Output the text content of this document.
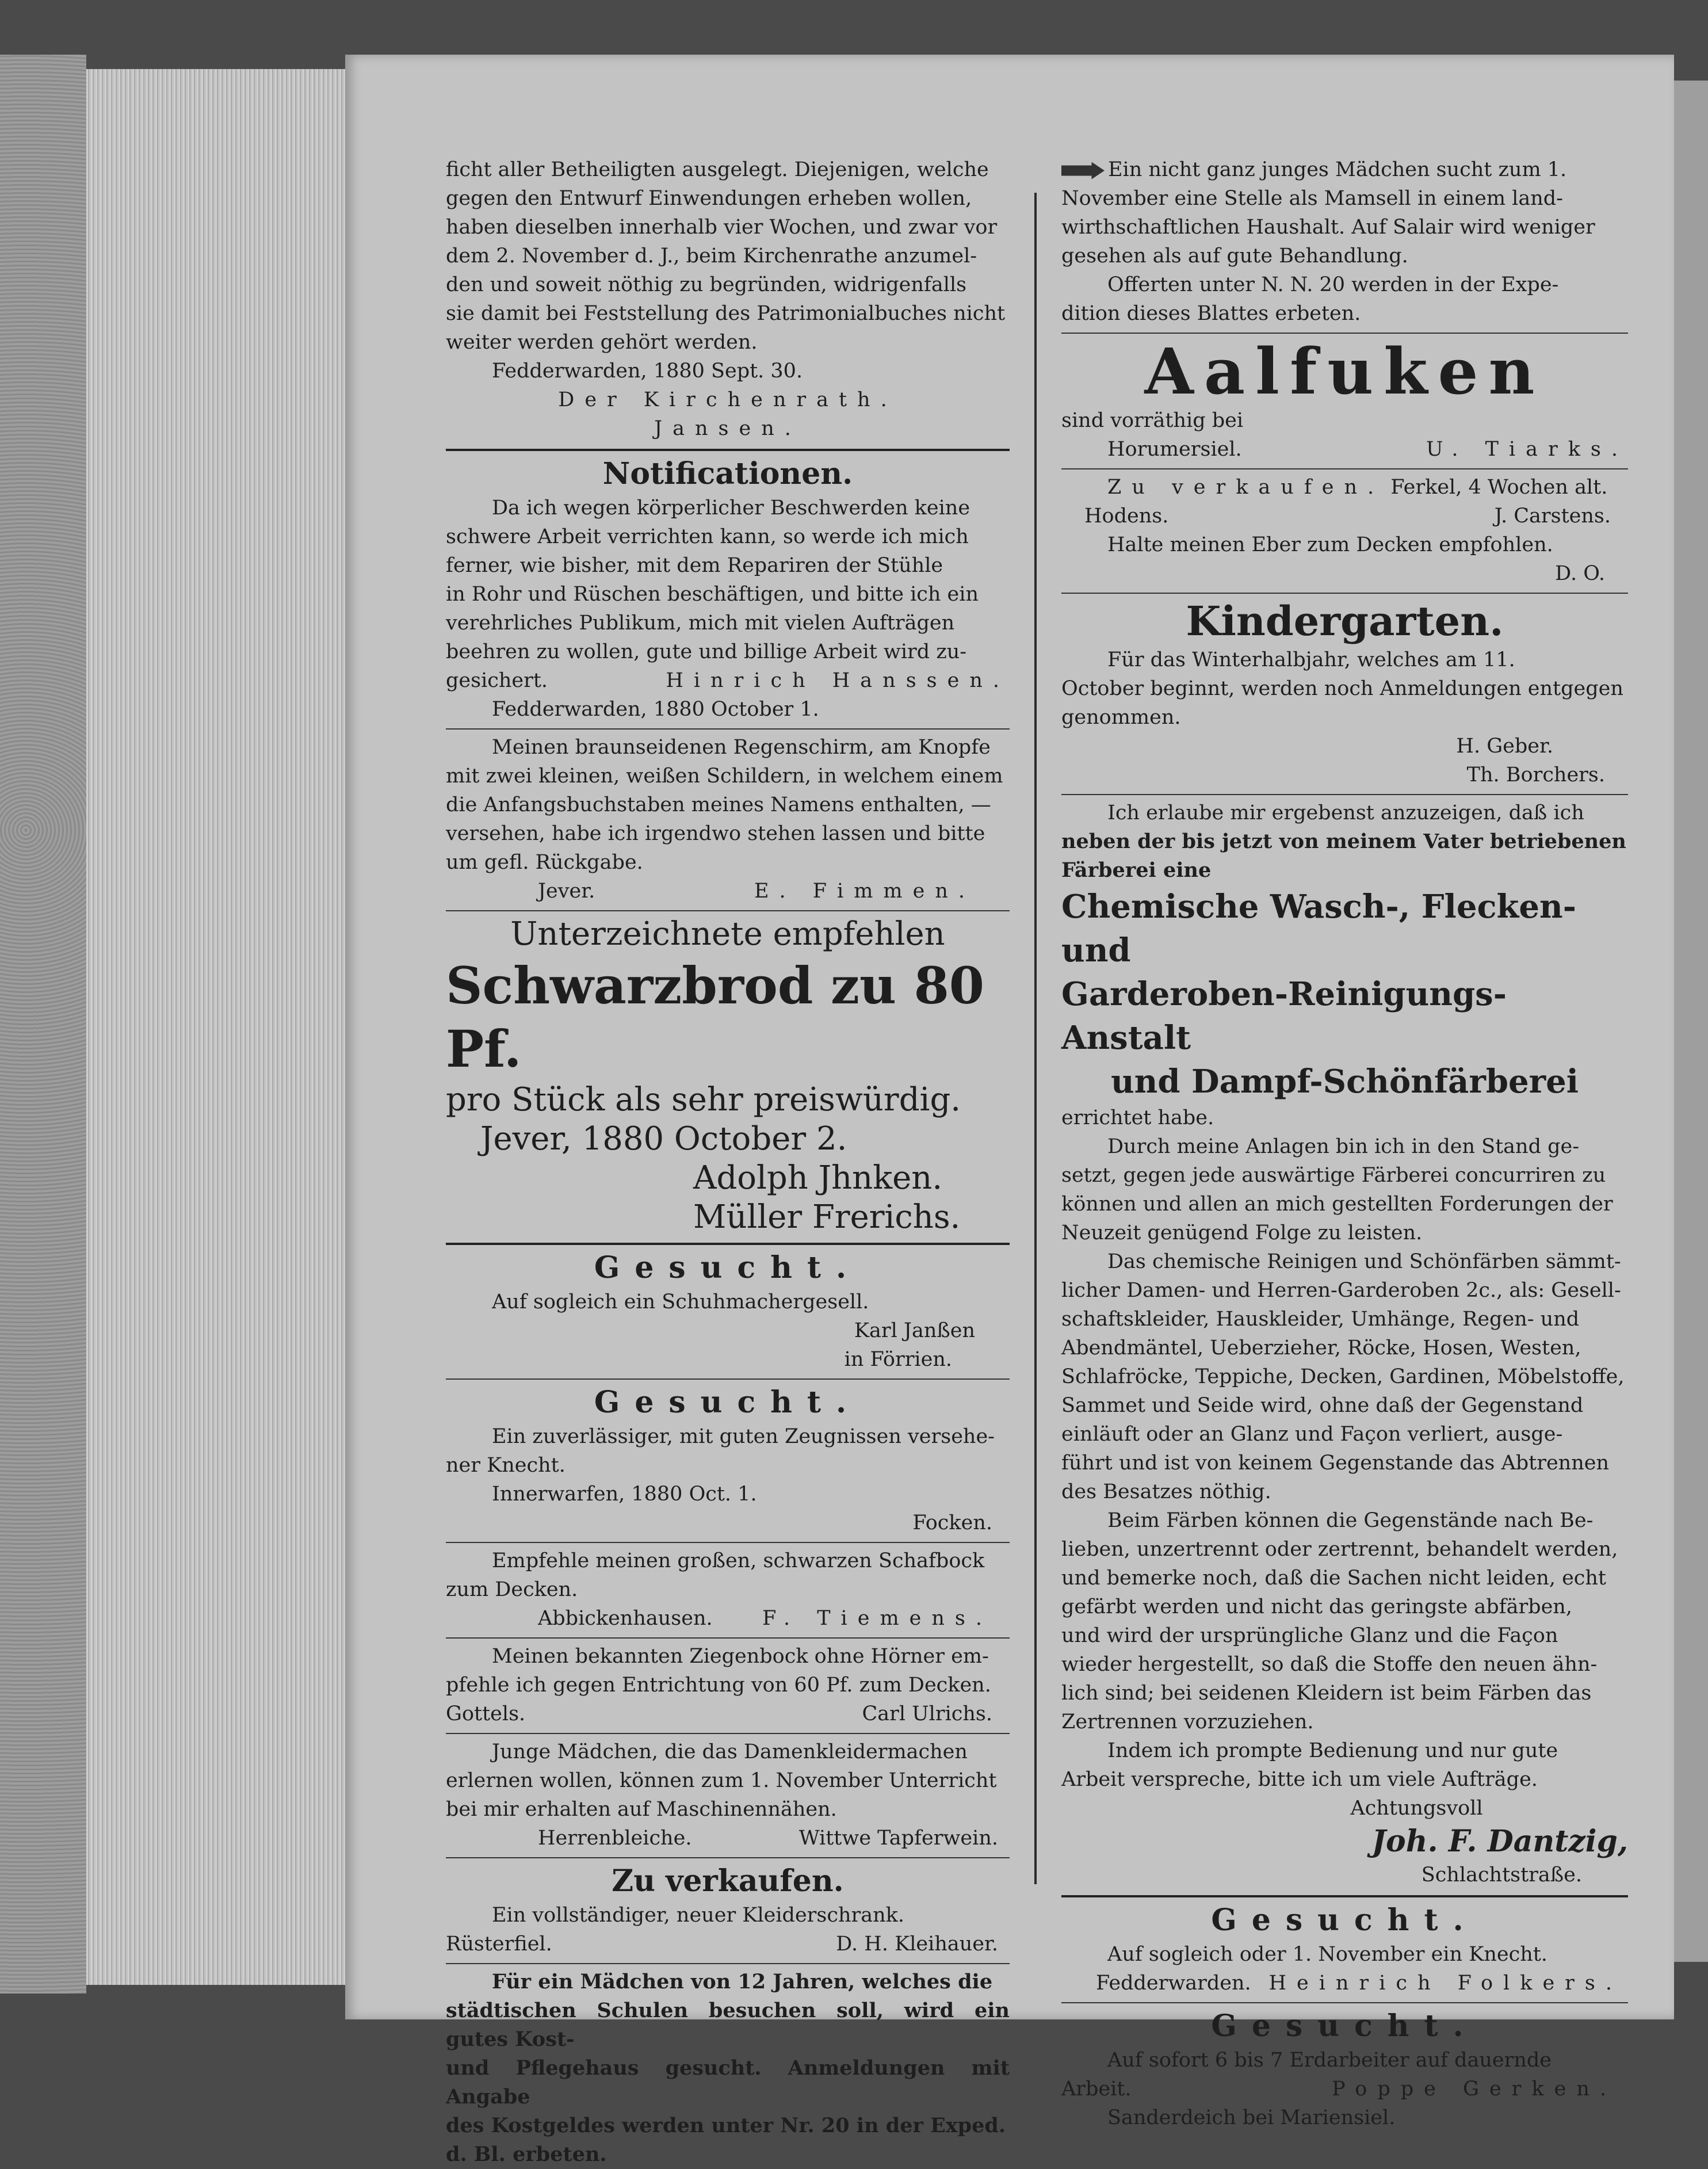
ficht aller Betheiligten ausgelegt. Diejenigen, welche

gegen den Entwurf Einwendungen erheben wollen,

haben dieselben innerhalb vier Wochen, und zwar vor

dem 2. November d. J., beim Kirchenrathe anzumel-

den und soweit nöthig zu begründen, widrigenfalls

sie damit bei Feststellung des Patrimonialbuches nicht

weiter werden gehört werden.

Fedderwarden, 1880 Sept. 30.

Der Kirchenrath.

Jansen.

Notificationen.

Da ich wegen körperlicher Beschwerden keine

schwere Arbeit verrichten kann, so werde ich mich

ferner, wie bisher, mit dem Repariren der Stühle

in Rohr und Rüschen beschäftigen, und bitte ich ein

verehrliches Publikum, mich mit vielen Aufträgen

beehren zu wollen, gute und billige Arbeit wird zu-

gesichert.	Hinrich Hanssen.

Fedderwarden, 1880 October 1.

Meinen braunseidenen Regenschirm, am Knopfe

mit zwei kleinen, weißen Schildern, in welchem einem

die Anfangsbuchstaben meines Namens enthalten, —

versehen, habe ich irgendwo stehen lassen und bitte

um gefl. Rückgabe.

Jever.	E. Fimmen.
Unterzeichnete empfehlen
Schwarzbrod zu 80 Pf.
pro Stück als sehr preiswürdig.
Jever, 1880 October 2.
Adolph Jhnken.
Müller Frerichs.
Gesucht.

Auf sogleich ein Schuhmachergesell.

Karl Janßen

in Förrien.

Gesucht.

Ein zuverlässiger, mit guten Zeugnissen versehe-

ner Knecht.

Innerwarfen, 1880 Oct. 1.

Focken.

Empfehle meinen großen, schwarzen Schafbock

zum Decken.

Abbickenhausen.	F. Tiemens.

Meinen bekannten Ziegenbock ohne Hörner em-

pfehle ich gegen Entrichtung von 60 Pf. zum Decken.

Gottels.	Carl Ulrichs.

Junge Mädchen, die das Damenkleidermachen

erlernen wollen, können zum 1. November Unterricht

bei mir erhalten auf Maschinennähen.

Herrenbleiche.	Wittwe Tapferwein.
Zu verkaufen.

Ein vollständiger, neuer Kleiderschrank.

Rüsterfiel.	D. H. Kleihauer.

Für ein Mädchen von 12 Jahren, welches die

städtischen Schulen besuchen soll, wird ein gutes Kost-

und Pflegehaus gesucht. Anmeldungen mit Angabe

des Kostgeldes werden unter Nr. 20 in der Exped.

d. Bl. erbeten.

Ein nicht ganz junges Mädchen sucht zum 1.

November eine Stelle als Mamsell in einem land-

wirthschaftlichen Haushalt. Auf Salair wird weniger

gesehen als auf gute Behandlung.

Offerten unter N. N. 20 werden in der Expe-

dition dieses Blattes erbeten.

Aalfuken

sind vorräthig bei

Horumersiel.	U. Tiarks.

Zu verkaufen. Ferkel, 4 Wochen alt.

Hodens.	J. Carstens.

Halte meinen Eber zum Decken empfohlen.

D. O.

Kindergarten.

Für das Winterhalbjahr, welches am 11.

October beginnt, werden noch Anmeldungen entgegen

genommen.

H. Geber.

Th. Borchers.

Ich erlaube mir ergebenst anzuzeigen, daß ich

neben der bis jetzt von meinem Vater betriebenen

Färberei eine

Chemische Wasch-, Flecken- und
Garderoben-Reinigungs-Anstalt
und Dampf-Schönfärberei

errichtet habe.

Durch meine Anlagen bin ich in den Stand ge-

setzt, gegen jede auswärtige Färberei concurriren zu

können und allen an mich gestellten Forderungen der

Neuzeit genügend Folge zu leisten.

Das chemische Reinigen und Schönfärben sämmt-

licher Damen- und Herren-Garderoben 2c., als: Gesell-

schaftskleider, Hauskleider, Umhänge, Regen- und

Abendmäntel, Ueberzieher, Röcke, Hosen, Westen,

Schlafröcke, Teppiche, Decken, Gardinen, Möbelstoffe,

Sammet und Seide wird, ohne daß der Gegenstand

einläuft oder an Glanz und Façon verliert, ausge-

führt und ist von keinem Gegenstande das Abtrennen

des Besatzes nöthig.

Beim Färben können die Gegenstände nach Be-

lieben, unzertrennt oder zertrennt, behandelt werden,

und bemerke noch, daß die Sachen nicht leiden, echt

gefärbt werden und nicht das geringste abfärben,

und wird der ursprüngliche Glanz und die Façon

wieder hergestellt, so daß die Stoffe den neuen ähn-

lich sind; bei seidenen Kleidern ist beim Färben das

Zertrennen vorzuziehen.

Indem ich prompte Bedienung und nur gute

Arbeit verspreche, bitte ich um viele Aufträge.

Achtungsvoll

Joh. F. Dantzig,

Schlachtstraße.

Gesucht.

Auf sogleich oder 1. November ein Knecht.

Fedderwarden. Heinrich Folkers.
Gesucht.

Auf sofort 6 bis 7 Erdarbeiter auf dauernde

Arbeit.	Poppe Gerken.

Sanderdeich bei Mariensiel.
